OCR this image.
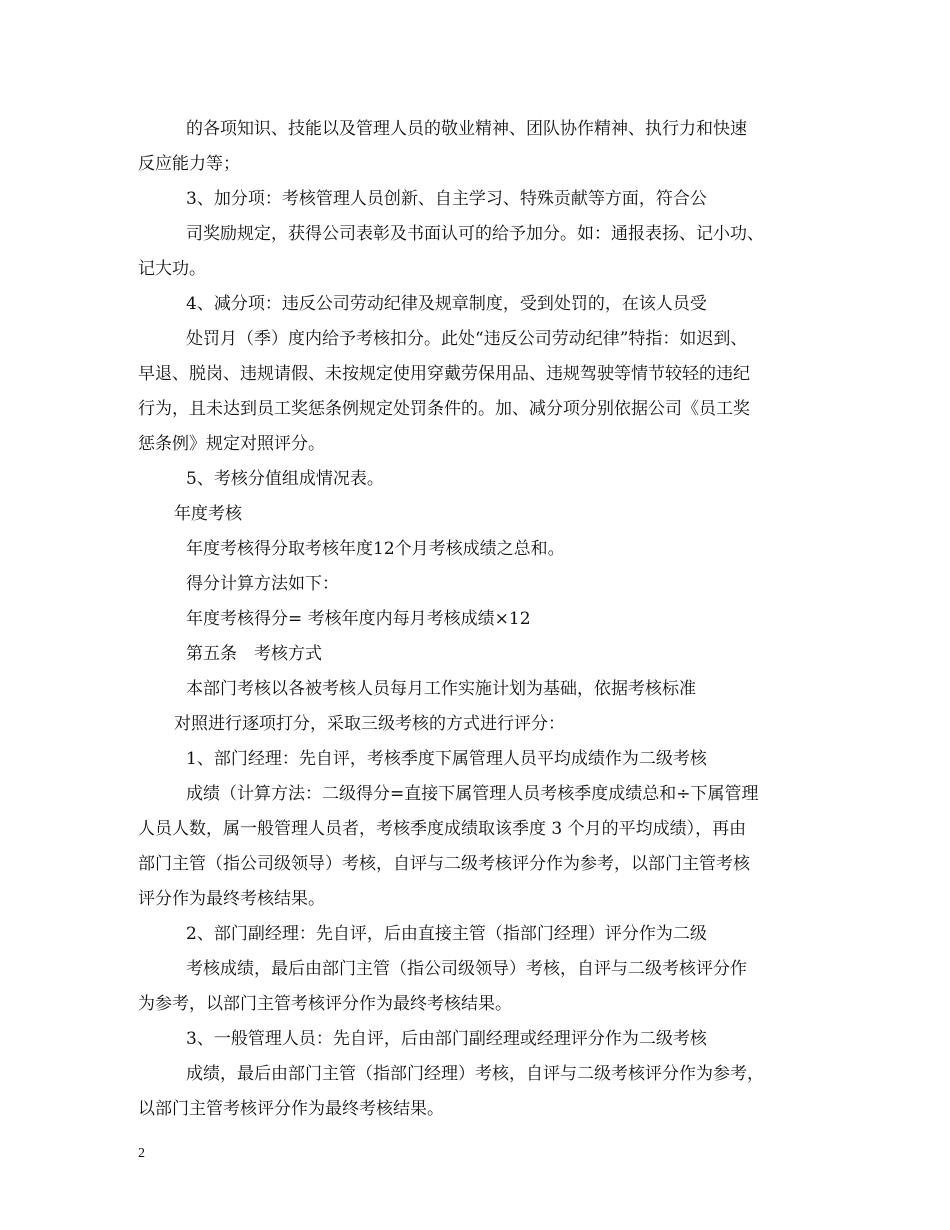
的各项知识、技能以及管理人员的敬业精神、团队协作精神、执行力和快速
反应能力等；
3、加分项：考核管理人员创新、自主学习、特殊贡献等方面，符合公
司奖励规定，获得公司表彰及书面认可的给予加分。如：通报表扬、记小功、
记大功。
4、减分项：违反公司劳动纪律及规章制度，受到处罚的，在该人员受
处罚月（季）度内给予考核扣分。此处“违反公司劳动纪律”特指：如迟到、
早退、脱岗、违规请假、未按规定使用穿戴劳保用品、违规驾驶等情节较轻的违纪
行为，且未达到员工奖惩条例规定处罚条件的。加、减分项分别依据公司《员工奖
惩条例》规定对照评分。
5、考核分值组成情况表。
年度考核
年度考核得分取考核年度12个月考核成绩之总和。
得分计算方法如下：
年度考核得分= 考核年度内每月考核成绩×12
第五条　考核方式
本部门考核以各被考核人员每月工作实施计划为基础，依据考核标准
对照进行逐项打分，采取三级考核的方式进行评分：
1、部门经理：先自评，考核季度下属管理人员平均成绩作为二级考核
成绩（计算方法：二级得分=直接下属管理人员考核季度成绩总和÷下属管理
人员人数，属一般管理人员者，考核季度成绩取该季度 3 个月的平均成绩），再由
部门主管（指公司级领导）考核，自评与二级考核评分作为参考，以部门主管考核
评分作为最终考核结果。
2、部门副经理：先自评，后由直接主管（指部门经理）评分作为二级
考核成绩，最后由部门主管（指公司级领导）考核，自评与二级考核评分作
为参考，以部门主管考核评分作为最终考核结果。
3、一般管理人员：先自评，后由部门副经理或经理评分作为二级考核
成绩，最后由部门主管（指部门经理）考核，自评与二级考核评分作为参考，
以部门主管考核评分作为最终考核结果。
2
